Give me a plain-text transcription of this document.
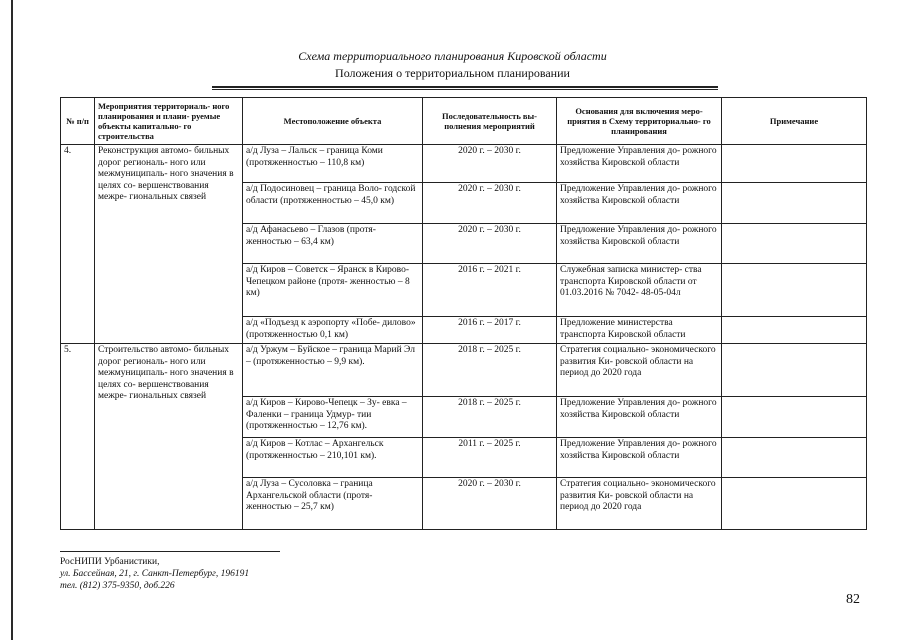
Схема территориального планирования Кировской области
Положения о территориальном планировании
№ п/п	Мероприятия территориаль- ного планирования и плани- руемые объекты капитально- го строительства	Местоположение объекта	Последовательность вы- полнения мероприятий	Основания для включения меро- приятия в Схему территориально- го планирования	Примечание
4.	Реконструкция автомо- бильных дорог региональ- ного или межмуниципаль- ного значения в целях со- вершенствования межре- гиональных связей	а/д Луза – Лальск – граница Коми (протяженностью – 110,8 км)	2020 г. – 2030 г.	Предложение Управления до- рожного хозяйства Кировской области	
		а/д Подосиновец – граница Воло- годской области (протяженностью – 45,0 км)	2020 г. – 2030 г.	Предложение Управления до- рожного хозяйства Кировской области	
		а/д Афанасьево – Глазов (протя- женностью – 63,4 км)	2020 г. – 2030 г.	Предложение Управления до- рожного хозяйства Кировской области	
		а/д Киров – Советск – Яранск в Кирово-Чепецком районе (протя- женностью – 8 км)	2016 г. – 2021 г.	Служебная записка министер- ства транспорта Кировской области от 01.03.2016 № 7042- 48-05-04л	
		а/д «Подъезд к аэропорту «Побе- дилово» (протяженностью 0,1 км)	2016 г. – 2017 г.	Предложение министерства транспорта Кировской области	
5.	Строительство автомо- бильных дорог региональ- ного или межмуниципаль- ного значения в целях со- вершенствования межре- гиональных связей	а/д Уржум – Буйское – граница Марий Эл – (протяженностью – 9,9 км).	2018 г. – 2025 г.	Стратегия социально- экономического развития Ки- ровской области на период до 2020 года	
		а/д Киров – Кирово-Чепецк – Зу- евка – Фаленки – граница Удмур- тии (протяженностью – 12,76 км).	2018 г. – 2025 г.	Предложение Управления до- рожного хозяйства Кировской области	
		а/д Киров – Котлас – Архангельск (протяженностью – 210,101 км).	2011 г. – 2025 г.	Предложение Управления до- рожного хозяйства Кировской области	
		а/д Луза – Сусоловка – граница Архангельской области (протя- женностью – 25,7 км)	2020 г. – 2030 г.	Стратегия социально- экономического развития Ки- ровской области на период до 2020 года	
РосНИПИ Урбанистики,
ул. Бассейная, 21, г. Санкт-Петербург, 196191
тел. (812) 375-9350, доб.226
82
